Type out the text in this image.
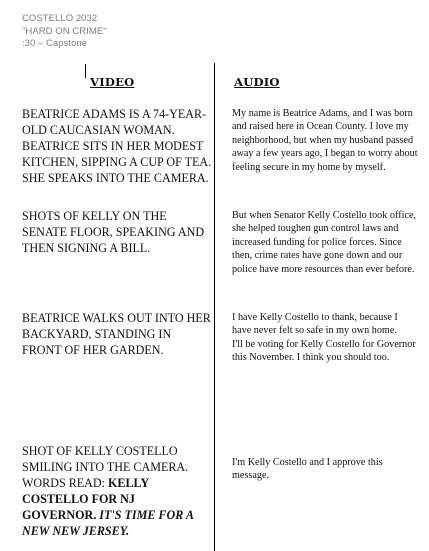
COSTELLO 2032
"HARD ON CRIME"
:30 – Capstone
VIDEO	AUDIO
BEATRICE ADAMS IS A 74-YEAR-OLD CAUCASIAN WOMAN. BEATRICE SITS IN HER MODEST KITCHEN, SIPPING A CUP OF TEA. SHE SPEAKS INTO THE CAMERA.

My name is Beatrice Adams, and I was born and raised here in Ocean County. I love my neighborhood, but when my husband passed away a few years ago, I began to worry about feeling secure in my home by myself.

SHOTS OF KELLY ON THE SENATE FLOOR, SPEAKING AND THEN SIGNING A BILL.

But when Senator Kelly Costello took office, she helped toughen gun control laws and increased funding for police forces. Since then, crime rates have gone down and our police have more resources than ever before.

BEATRICE WALKS OUT INTO HER BACKYARD, STANDING IN FRONT OF HER GARDEN.

I have Kelly Costello to thank, because I have never felt so safe in my own home.

I'll be voting for Kelly Costello for Governor this November. I think you should too.

SHOT OF KELLY COSTELLO SMILING INTO THE CAMERA. WORDS READ: KELLY COSTELLO FOR NJ GOVERNOR. IT'S TIME FOR A NEW NEW JERSEY.

I'm Kelly Costello and I approve this message.
